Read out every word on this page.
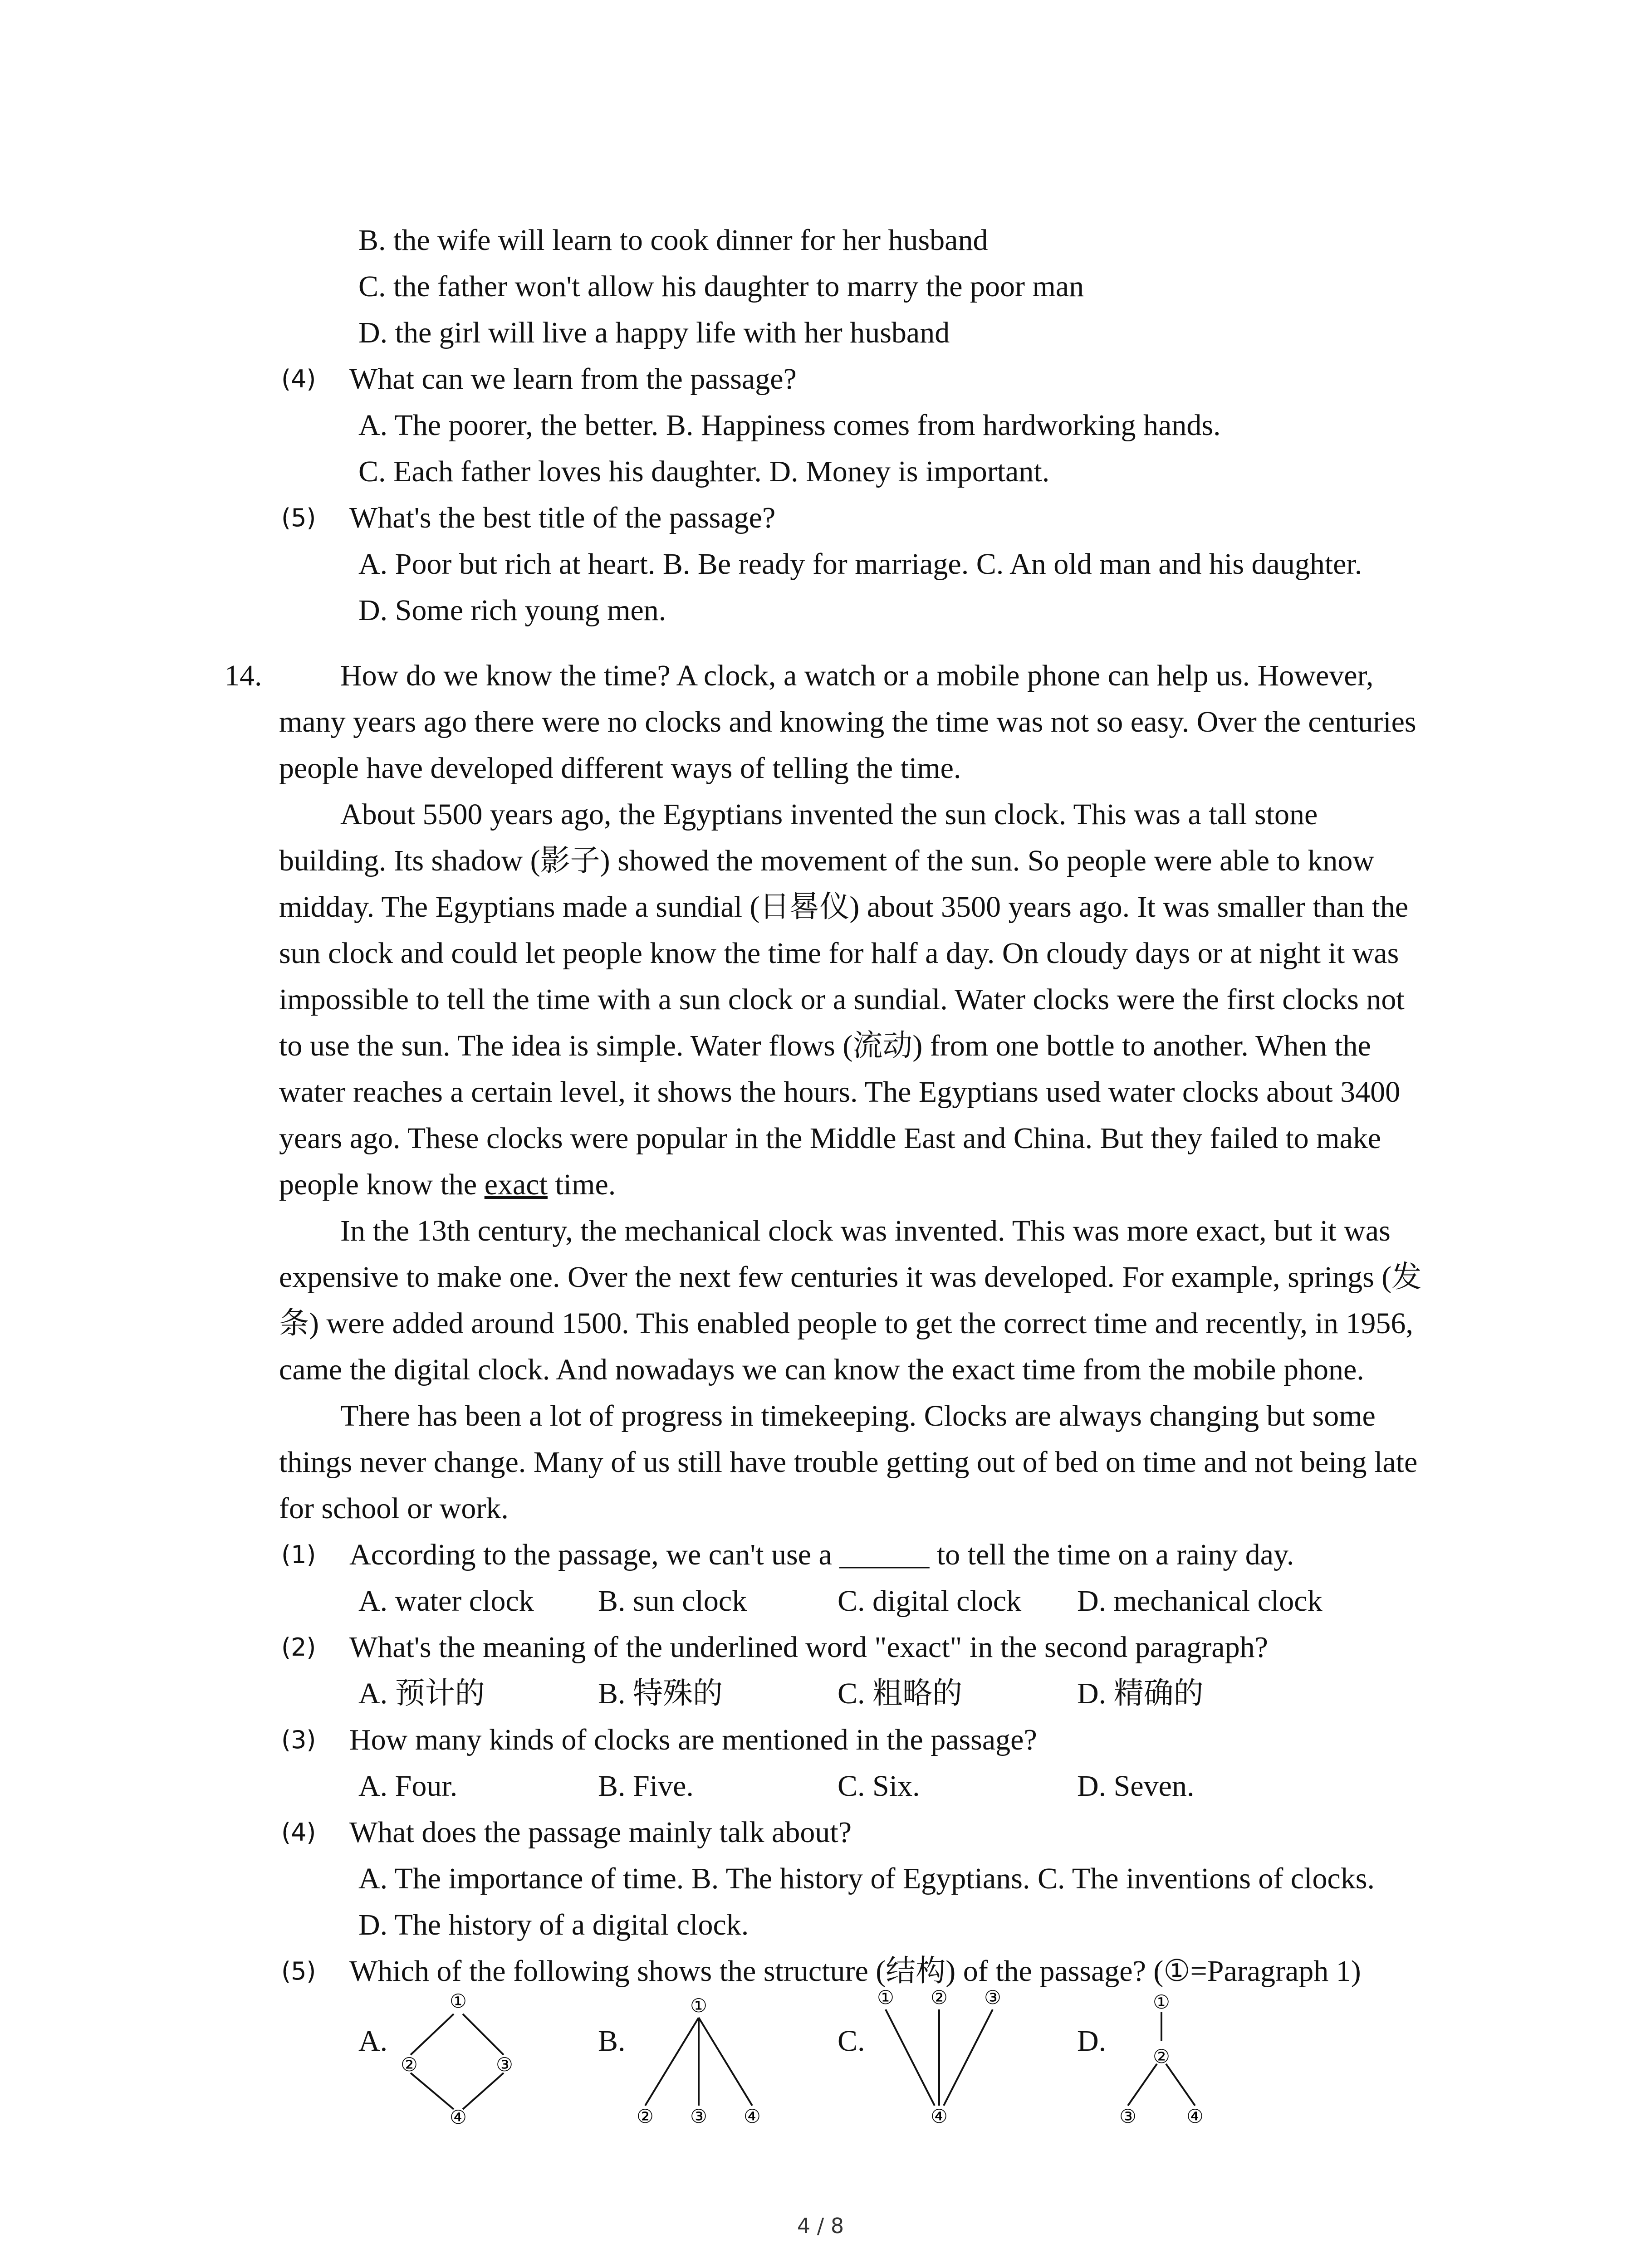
B. the wife will learn to cook dinner for her husband

C. the father won't allow his daughter to marry the poor man

D. the girl will live a happy life with her husband

(4) What can we learn from the passage?

A. The poorer, the better. B. Happiness comes from hardworking hands.

C. Each father loves his daughter. D. Money is important.

(5) What's the best title of the passage?

A. Poor but rich at heart. B. Be ready for marriage. C. An old man and his daughter.

D. Some rich young men.

14.	How do we know the time? A clock, a watch or a mobile phone can help us. However,

many years ago there were no clocks and knowing the time was not so easy. Over the centuries

people have developed different ways of telling the time.

About 5500 years ago, the Egyptians invented the sun clock. This was a tall stone

building. Its shadow (影子) showed the movement of the sun. So people were able to know

midday. The Egyptians made a sundial (日晷仪) about 3500 years ago. It was smaller than the

sun clock and could let people know the time for half a day. On cloudy days or at night it was

impossible to tell the time with a sun clock or a sundial. Water clocks were the first clocks not

to use the sun. The idea is simple. Water flows (流动) from one bottle to another. When the

water reaches a certain level, it shows the hours. The Egyptians used water clocks about 3400

years ago. These clocks were popular in the Middle East and China. But they failed to make

people know the exact time.

In the 13th century, the mechanical clock was invented. This was more exact, but it was

expensive to make one. Over the next few centuries it was developed. For example, springs (发

条) were added around 1500. This enabled people to get the correct time and recently, in 1956,

came the digital clock. And nowadays we can know the exact time from the mobile phone.

There has been a lot of progress in timekeeping. Clocks are always changing but some

things never change. Many of us still have trouble getting out of bed on time and not being late

for school or work.

(1) According to the passage, we can't use a ______ to tell the time on a rainy day.

A. water clock B. sun clock	C. digital clock D. mechanical clock
(2) What's the meaning of the underlined word "exact" in the second paragraph?

A. 预计的	B. 特殊的	C. 粗略的	D. 精确的
(3) How many kinds of clocks are mentioned in the passage?

A. Four.	B. Five.	C. Six.	D. Seven.
(4) What does the passage mainly talk about?

A. The importance of time. B. The history of Egyptians. C. The inventions of clocks.

D. The history of a digital clock.

(5) Which of the following shows the structure (结构) of the passage? (①=Paragraph 1)

A.
①
②	③
④
B.
①
② ③ ④
C.
① ② ③
④
D.
①
②
③	④
4 / 8
